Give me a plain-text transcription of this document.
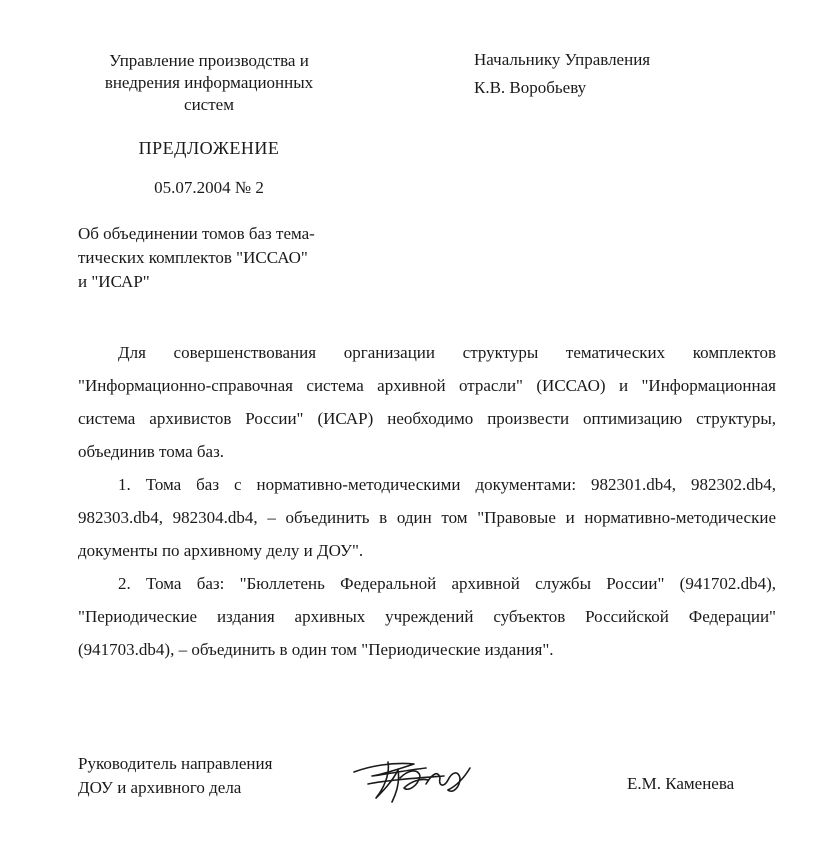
Управление производства и
внедрения информационных
систем
Начальнику Управления
К.В. Воробьеву
ПРЕДЛОЖЕНИЕ
05.07.2004 № 2
Об объединении томов баз тема-
тических комплектов "ИССАО"
и "ИСАР"

Для совершенствования организации структуры тематических комплектов "Информационно-справочная система архивной отрасли" (ИССАО) и "Информационная система архивистов России" (ИСАР) необходимо произвести оптимизацию структуры, объединив тома баз.

1. Тома баз с нормативно-методическими документами: 982301.db4, 982302.db4, 982303.db4, 982304.db4, – объединить в один том "Правовые и нормативно-методические документы по архивному делу и ДОУ".

2. Тома баз: "Бюллетень Федеральной архивной службы России" (941702.db4), "Периодические издания архивных учреждений субъектов Российской Федерации" (941703.db4), – объединить в один том "Периодические издания".

Руководитель направления
ДОУ и архивного дела	Е.М. Каменева
